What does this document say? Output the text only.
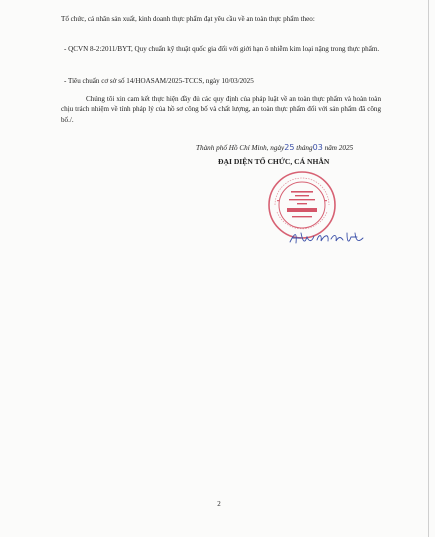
Tổ chức, cá nhân sản xuất, kinh doanh thực phẩm đạt yêu cầu về an toàn thực phẩm theo:

- QCVN 8-2:2011/BYT, Quy chuẩn kỹ thuật quốc gia đối với giới hạn ô nhiễm kim loại nặng trong thực phẩm.

- Tiêu chuẩn cơ sở số 14/HOASAM/2025-TCCS, ngày 10/03/2025

Chúng tôi xin cam kết thực hiện đầy đủ các quy định của pháp luật về an toàn thực phẩm và hoàn toàn chịu trách nhiệm về tính pháp lý của hồ sơ công bố và chất lượng, an toàn thực phẩm đối với sản phẩm đã công bố./.

Thành phố Hồ Chí Minh, ngày25 tháng03 năm 2025
ĐẠI DIỆN TỔ CHỨC, CÁ NHÂN
2
